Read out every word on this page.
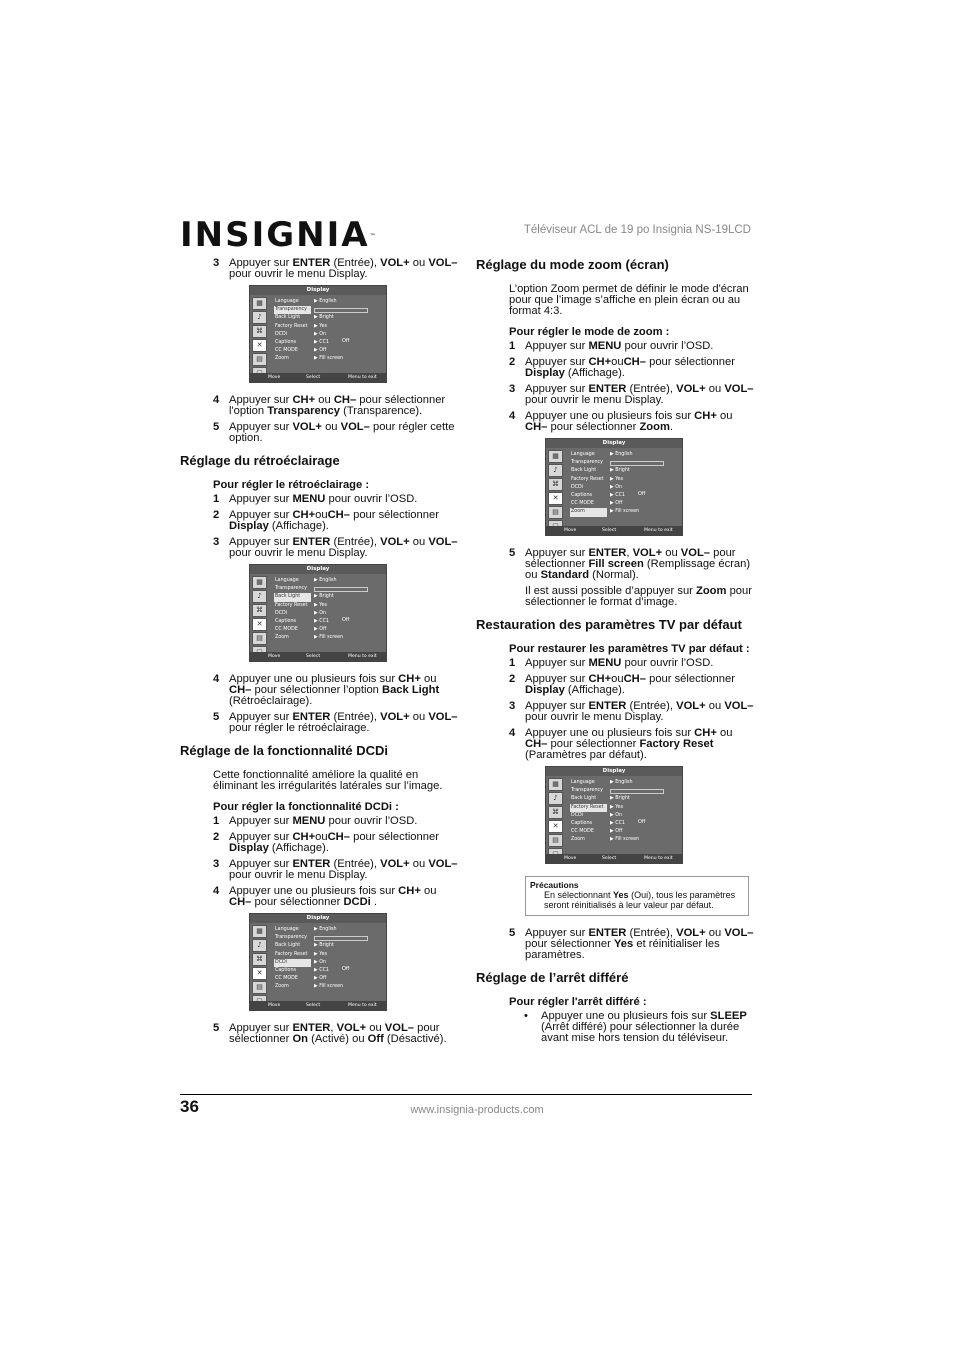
INSIGNIA™
Téléviseur ACL de 19 po Insignia NS-19LCD
3 Appuyer sur ENTER (Entrée), VOL+ ou VOL– pour ouvrir le menu Display.
Display
▦
♪
⌘
✕
▤
Language	▶ English
Transparency
Back Light	▶ Bright
Factory Reset	▶ Yes
DCDi	▶ On
Captions	▶ CC1
CC MODE	▶ Off
Zoom	▶ Fill screen
Off
Move	Select	Menu to exit
4 Appuyer sur CH+ ou CH– pour sélectionner l'option Transparency (Transparence).
5 Appuyer sur VOL+ ou VOL– pour régler cette option.
Réglage du rétroéclairage
Pour régler le rétroéclairage :
1 Appuyer sur MENU pour ouvrir l’OSD.
2 Appuyer sur CH+ouCH– pour sélectionner Display (Affichage).
3 Appuyer sur ENTER (Entrée), VOL+ ou VOL– pour ouvrir le menu Display.
Display
▦
♪
⌘
✕
▤
Language	▶ English
Transparency
Back Light	▶ Bright
Factory Reset	▶ Yes
DCDi	▶ On
Captions	▶ CC1
CC MODE	▶ Off
Zoom	▶ Fill screen
Off
Move	Select	Menu to exit
4 Appuyer une ou plusieurs fois sur CH+ ou CH– pour sélectionner l’option Back Light (Rétroéclairage).
5 Appuyer sur ENTER (Entrée), VOL+ ou VOL– pour régler le rétroéclairage.
Réglage de la fonctionnalité DCDi

Cette fonctionnalité améliore la qualité en éliminant les irrégularités latérales sur l’image.

Pour régler la fonctionnalité DCDi :
1 Appuyer sur MENU pour ouvrir l’OSD.
2 Appuyer sur CH+ouCH– pour sélectionner Display (Affichage).
3 Appuyer sur ENTER (Entrée), VOL+ ou VOL– pour ouvrir le menu Display.
4 Appuyer une ou plusieurs fois sur CH+ ou CH– pour sélectionner DCDi .
Display
▦
♪
⌘
✕
▤
Language	▶ English
Transparency
Back Light	▶ Bright
Factory Reset	▶ Yes
DCDi	▶ On
Captions	▶ CC1
CC MODE	▶ Off
Zoom	▶ Fill screen
Off
Move	Select	Menu to exit
5 Appuyer sur ENTER, VOL+ ou VOL– pour sélectionner On (Activé) ou Off (Désactivé).
Réglage du mode zoom (écran)

L’option Zoom permet de définir le mode d'écran pour que l’image s’affiche en plein écran ou au format 4:3.

Pour régler le mode de zoom :
1 Appuyer sur MENU pour ouvrir l’OSD.
2 Appuyer sur CH+ouCH– pour sélectionner Display (Affichage).
3 Appuyer sur ENTER (Entrée), VOL+ ou VOL– pour ouvrir le menu Display.
4 Appuyer une ou plusieurs fois sur CH+ ou CH– pour sélectionner Zoom.
Display
▦
♪
⌘
✕
▤
Language	▶ English
Transparency
Back Light	▶ Bright
Factory Reset	▶ Yes
DCDi	▶ On
Captions	▶ CC1
CC MODE	▶ Off
Zoom	▶ Fill screen
Off
Move	Select	Menu to exit
5 Appuyer sur ENTER, VOL+ ou VOL– pour sélectionner Fill screen (Remplissage écran) ou Standard (Normal).
Il est aussi possible d’appuyer sur Zoom pour sélectionner le format d’image.
Restauration des paramètres TV par défaut
Pour restaurer les paramètres TV par défaut :
1 Appuyer sur MENU pour ouvrir l’OSD.
2 Appuyer sur CH+ouCH– pour sélectionner Display (Affichage).
3 Appuyer sur ENTER (Entrée), VOL+ ou VOL– pour ouvrir le menu Display.
4 Appuyer une ou plusieurs fois sur CH+ ou CH– pour sélectionner Factory Reset (Paramètres par défaut).
Display
▦
♪
⌘
✕
▤
Language	▶ English
Transparency
Back Light	▶ Bright
Factory Reset	▶ Yes
DCDi	▶ On
Captions	▶ CC1
CC MODE	▶ Off
Zoom	▶ Fill screen
Off
Move	Select	Menu to exit
Précautions
En sélectionnant Yes (Oui), tous les paramètres seront réinitialisés à leur valeur par défaut.
5 Appuyer sur ENTER (Entrée), VOL+ ou VOL– pour sélectionner Yes et réinitialiser les paramètres.
Réglage de l’arrêt différé
Pour régler l'arrêt différé :
• Appuyer une ou plusieurs fois sur SLEEP (Arrêt différé) pour sélectionner la durée avant mise hors tension du téléviseur.
36	www.insignia-products.com
